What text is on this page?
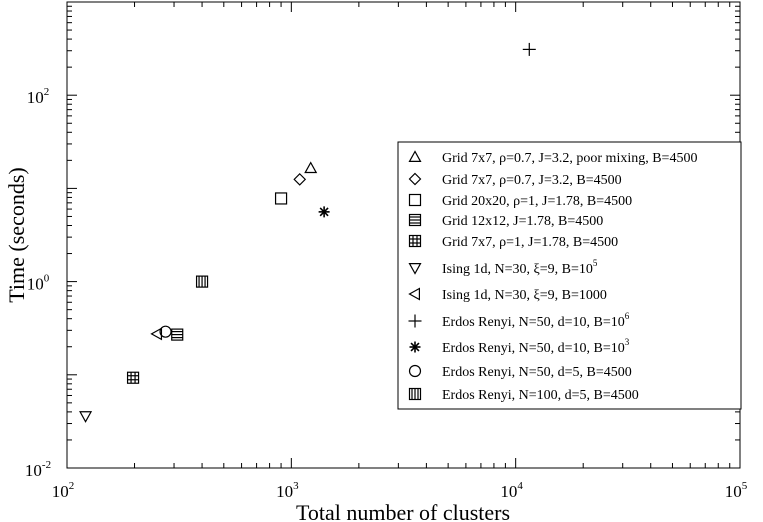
$10^2$	$10^3$	$10^4$	$10^5$
$10^{-2}$
$10^0$
$10^2$
Total number of clusters
Time (seconds)
Grid 7x7, ρ=0.7, J=3.2, poor mixing, B=4500
Grid 7x7, ρ=0.7, J=3.2, B=4500
Grid 20x20, ρ=1, J=1.78, B=4500
Grid 12x12, J=1.78, B=4500
Grid 7x7, ρ=1, J=1.78, B=4500
Ising 1d, N=30, ξ=9, $B=10^5$
Ising 1d, N=30, ξ=9, B=1000
Erdos Renyi, N=50, d=10, $B=10^6$
Erdos Renyi, N=50, d=10, $B=10^3$
Erdos Renyi, N=50, d=5, B=4500
Erdos Renyi, N=100, d=5, B=4500
